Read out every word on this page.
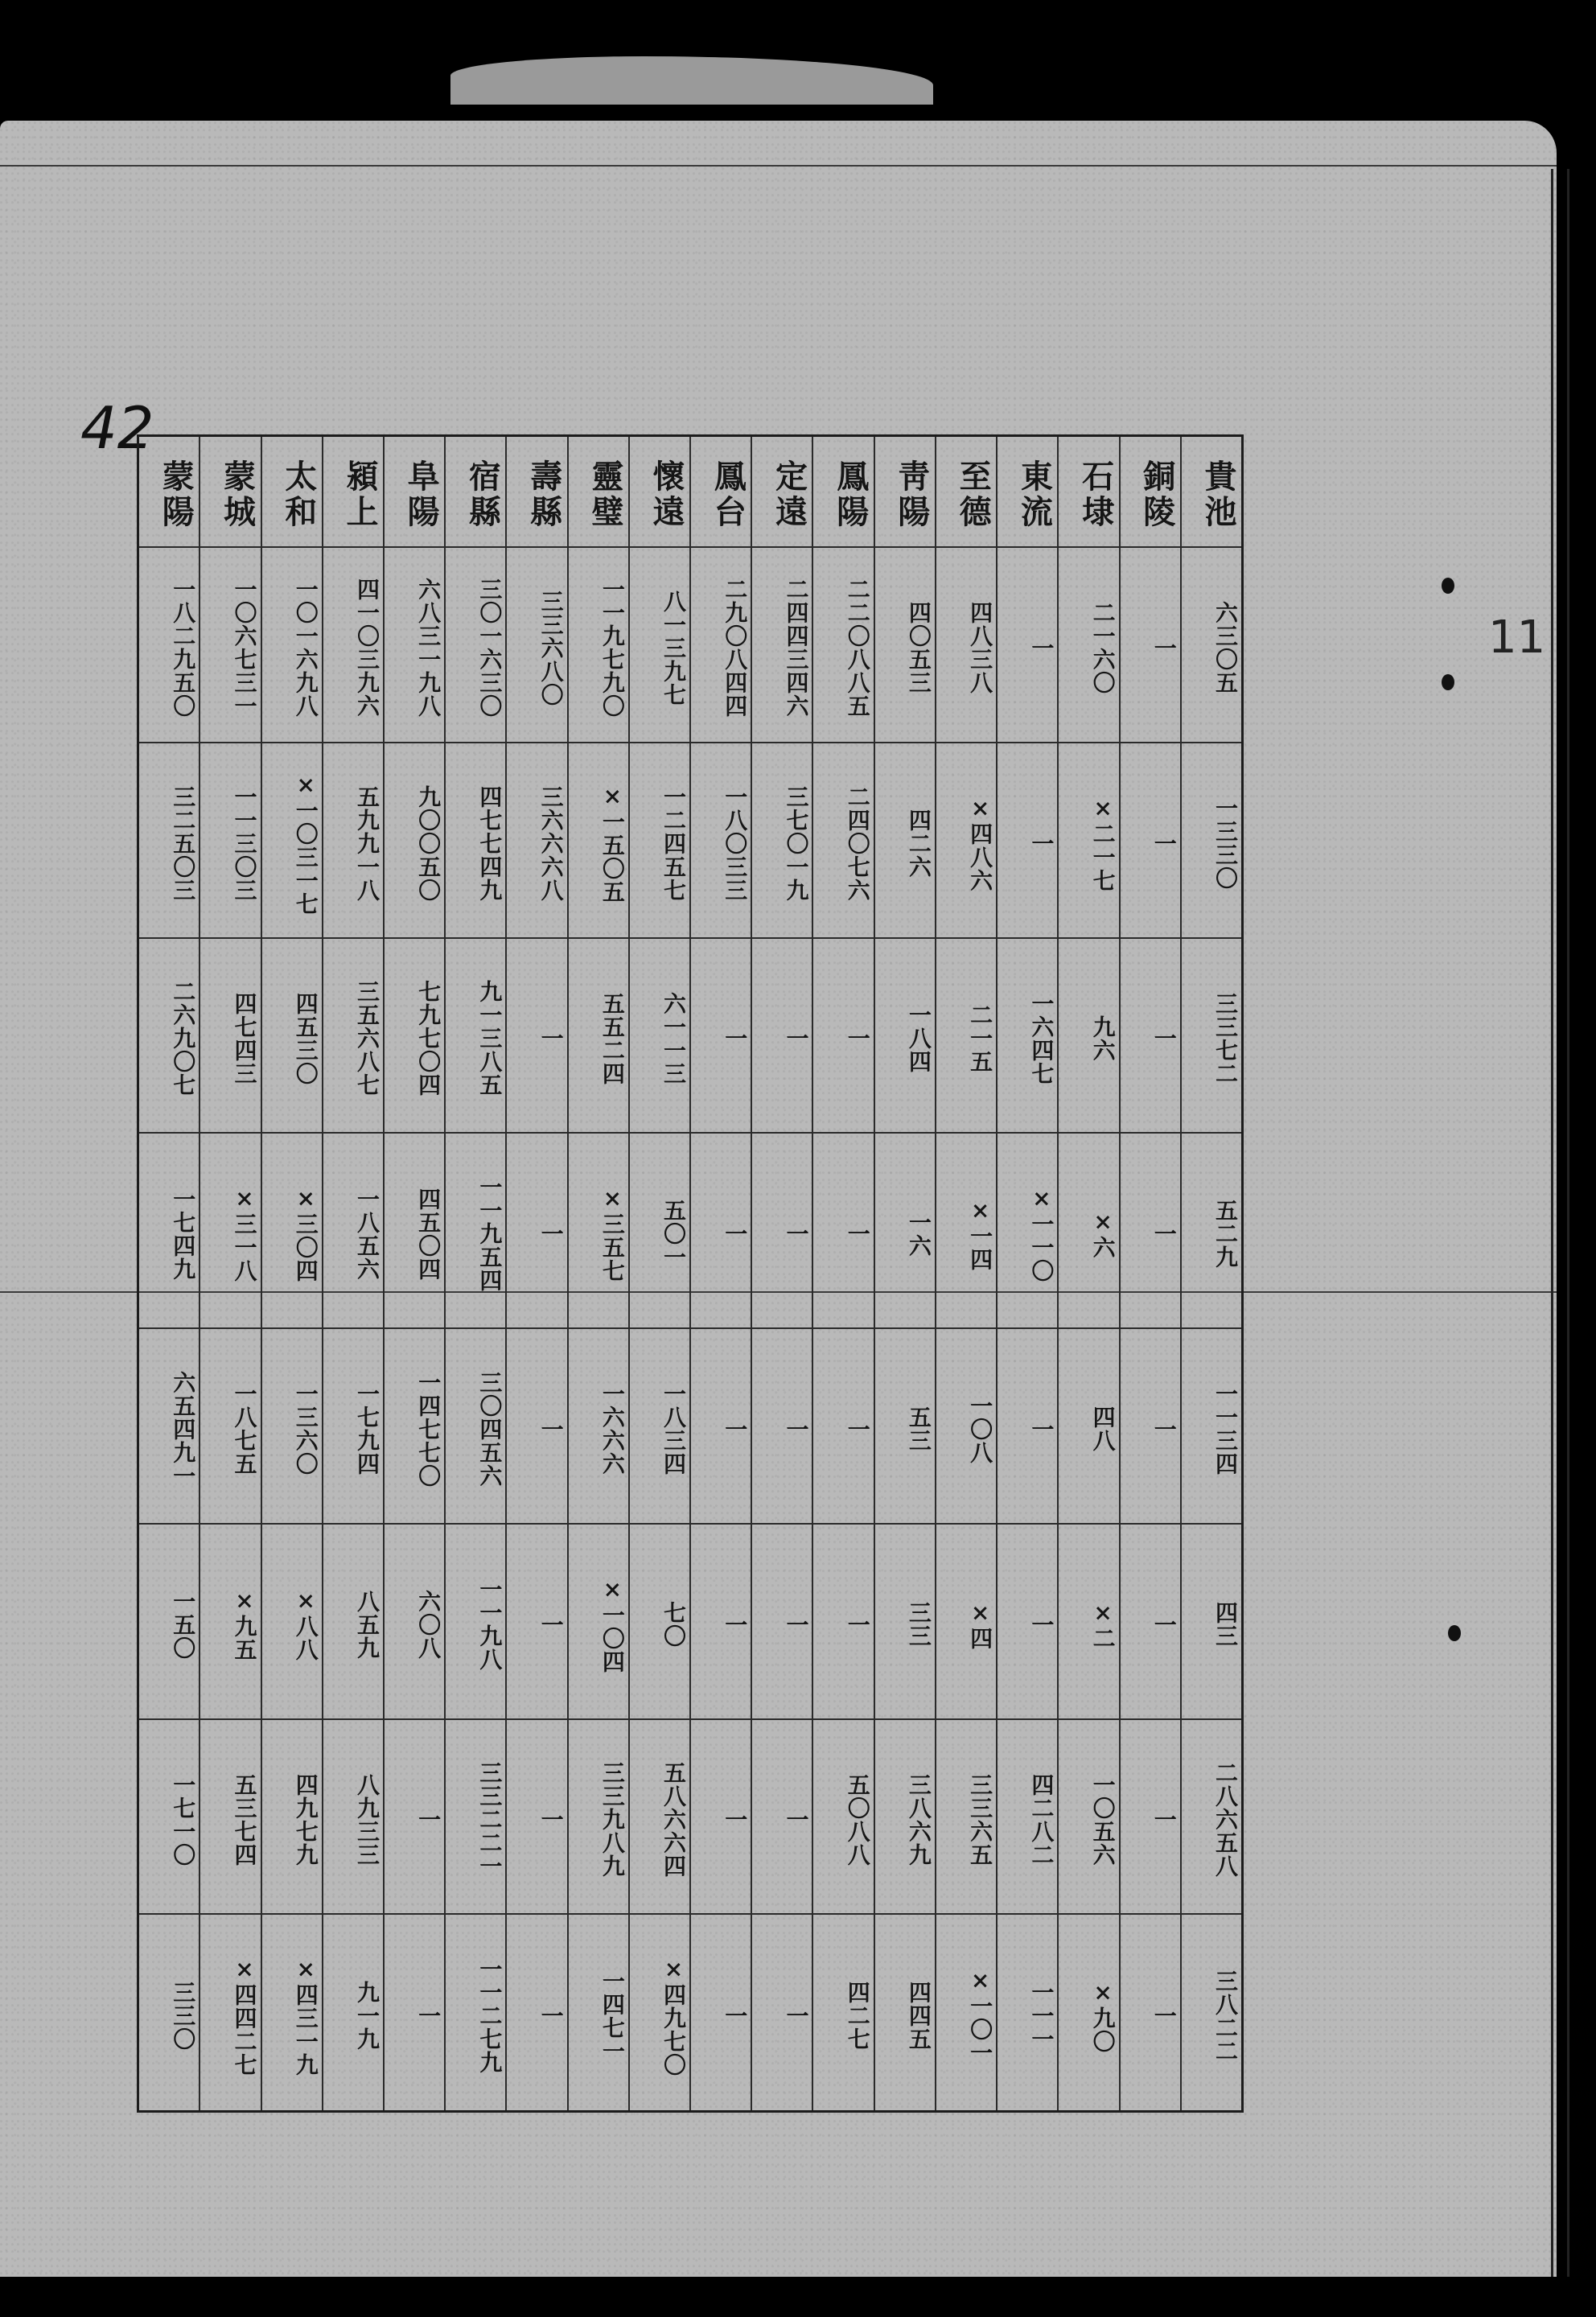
42
11
貴池
六三〇五
一三三〇
三三七二
五二九
一一三四
四三
二八六五八
三八二二
銅陵
一
一
一
一
一
一
一
一
石埭
二一六〇
×二一七
九六
×六
四八
×二
一〇五六
×九〇
東流
一
一
一六四七
×一一〇
一
一
四二八二
一一一
至德
四八三八
×四八六
二一五
×一四
一〇八
×四
三三六五
×一〇一
靑陽
四〇五三
四二六
一八四
一六
五三
三三
三八六九
四四五
鳳陽
二二〇八八五
二四〇七六
一
一
一
一
五〇八八
四二七
定遠
二四四三四六
三七〇一九
一
一
一
一
一
一
鳳台
二九〇八四四
一八〇三三
一
一
一
一
一
一
懷遠
八一三九七
一二四五七
六一一三
五〇一
一八三四
七〇
五八六六四
×四九七〇
靈璧
一一九七九〇
×一五〇五
五五二四
×三五七
一六六六
×一〇四
三三九八九
一四七一
壽縣
三三六八〇
三六六六八
一
一
一
一
一
一
宿縣
三〇一六三〇
四七七四九
九一三八五
一一九五四
三〇四五六
一一九八
三三二二一
一一二七九
阜陽
六八三一九八
九〇〇五〇
七九七〇四
四五〇四
一四七七〇
六〇八
一
一
潁上
四一〇三九六
五九九一八
三五六八七
一八五六
一七九四
八五九
八九三三
九一九
太和
一〇一六九八
×一〇三一七
四五三〇
×三〇四
一三六〇
×八八
四九七九
×四三一九
蒙城
一〇六七三一
一一三〇三
四七四三
×三一八
一八七五
×九五
五三七四
×四四二七
蒙陽
一八二九五〇
三二五〇三
二六九〇七
一七四九
六五四九一
一五〇
一七一〇
三三〇
